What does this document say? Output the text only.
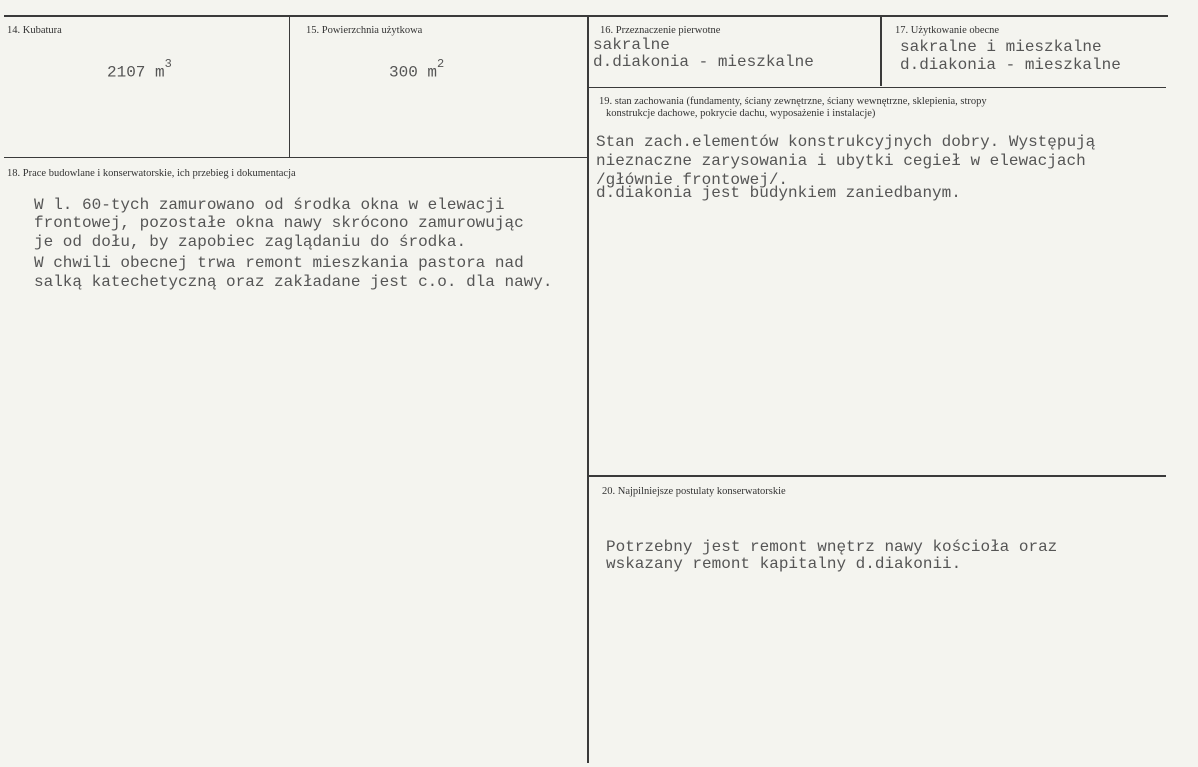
14. Kubatura
2107 $m^3$
15. Powierzchnia użytkowa
300 $m^2$
16. Przeznaczenie pierwotne
sakralne
d.diakonia - mieszkalne
17. Użytkowanie obecne
sakralne i mieszkalne
d.diakonia - mieszkalne
18. Prace budowlane i konserwatorskie, ich przebieg i dokumentacja
W l. 60-tych zamurowano od środka okna w elewacji
frontowej, pozostałe okna nawy skrócono zamurowując
je od dołu, by zapobiec zaglądaniu do środka.
W chwili obecnej trwa remont mieszkania pastora nad
salką katechetyczną oraz zakładane jest c.o. dla nawy.
19. stan zachowania (fundamenty, ściany zewnętrzne, ściany wewnętrzne, sklepienia, stropy
konstrukcje dachowe, pokrycie dachu, wyposażenie i instalacje)
Stan zach.elementów konstrukcyjnych dobry. Występują
nieznaczne zarysowania i ubytki cegieł w elewacjach
/głównie frontowej/.
d.diakonia jest budynkiem zaniedbanym.
20. Najpilniejsze postulaty konserwatorskie
Potrzebny jest remont wnętrz nawy kościoła oraz
wskazany remont kapitalny d.diakonii.
